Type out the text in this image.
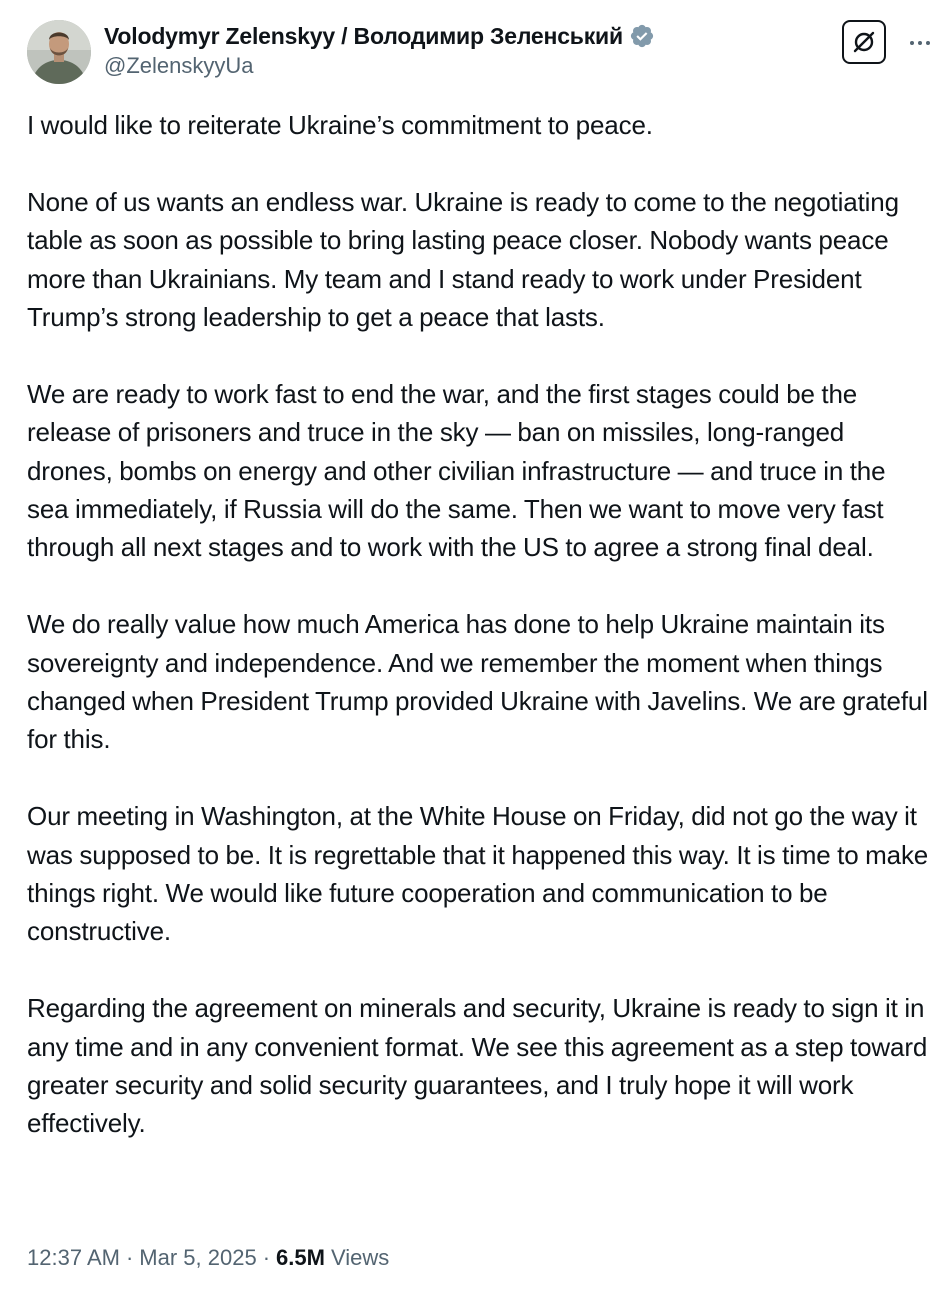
Volodymyr Zelenskyy / Володимир Зеленський
@ZelenskyyUa

I would like to reiterate Ukraine’s commitment to peace.

None of us wants an endless war. Ukraine is ready to come to the negotiating table as soon as possible to bring lasting peace closer. Nobody wants peace more than Ukrainians. My team and I stand ready to work under President Trump’s strong leadership to get a peace that lasts.

We are ready to work fast to end the war, and the first stages could be the release of prisoners and truce in the sky — ban on missiles, long-ranged drones, bombs on energy and other civilian infrastructure — and truce in the sea immediately, if Russia will do the same. Then we want to move very fast through all next stages and to work with the US to agree a strong final deal.

We do really value how much America has done to help Ukraine maintain its sovereignty and independence. And we remember the moment when things changed when President Trump provided Ukraine with Javelins. We are grateful for this.

Our meeting in Washington, at the White House on Friday, did not go the way it was supposed to be. It is regrettable that it happened this way. It is time to make things right. We would like future cooperation and communication to be constructive.

Regarding the agreement on minerals and security, Ukraine is ready to sign it in any time and in any convenient format. We see this agreement as a step toward greater security and solid security guarantees, and I truly hope it will work effectively.

12:37 AM · Mar 5, 2025 · 6.5M Views
